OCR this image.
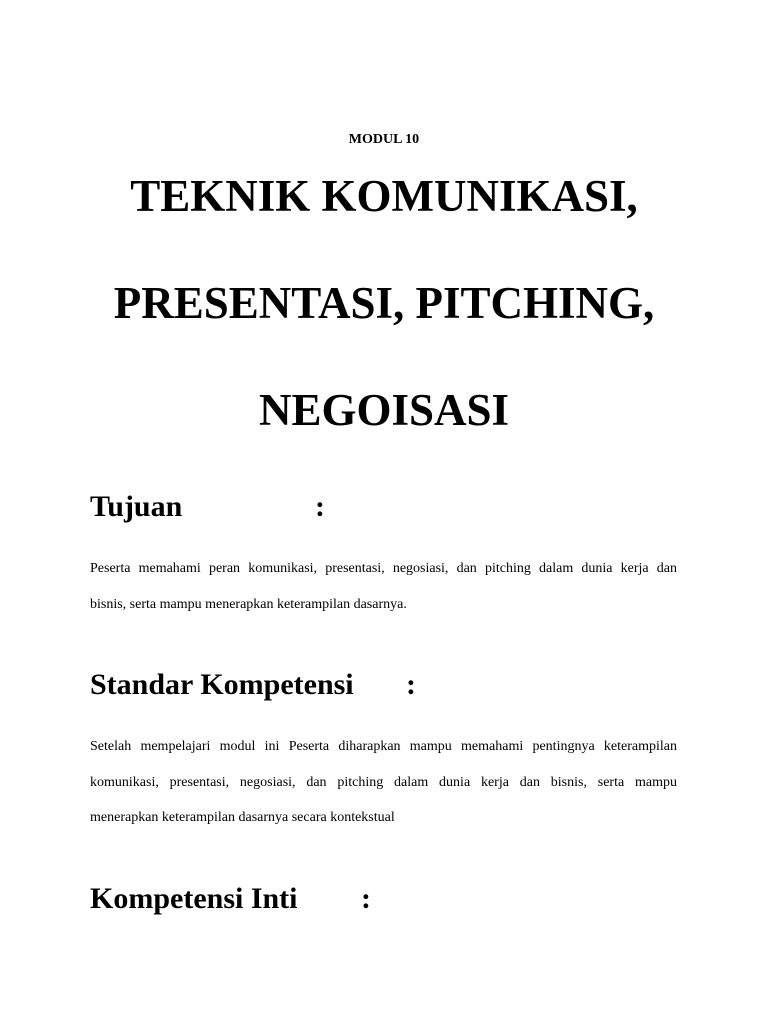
MODUL 10
TEKNIK KOMUNIKASI,
PRESENTASI, PITCHING,
NEGOISASI
Tujuan	:
Peserta memahami peran komunikasi, presentasi, negosiasi, dan pitching dalam dunia kerja dan
bisnis, serta mampu menerapkan keterampilan dasarnya.
Standar Kompetensi :
Setelah mempelajari modul ini Peserta diharapkan mampu memahami pentingnya keterampilan
komunikasi, presentasi, negosiasi, dan pitching dalam dunia kerja dan bisnis, serta mampu
menerapkan keterampilan dasarnya secara kontekstual
Kompetensi Inti :
